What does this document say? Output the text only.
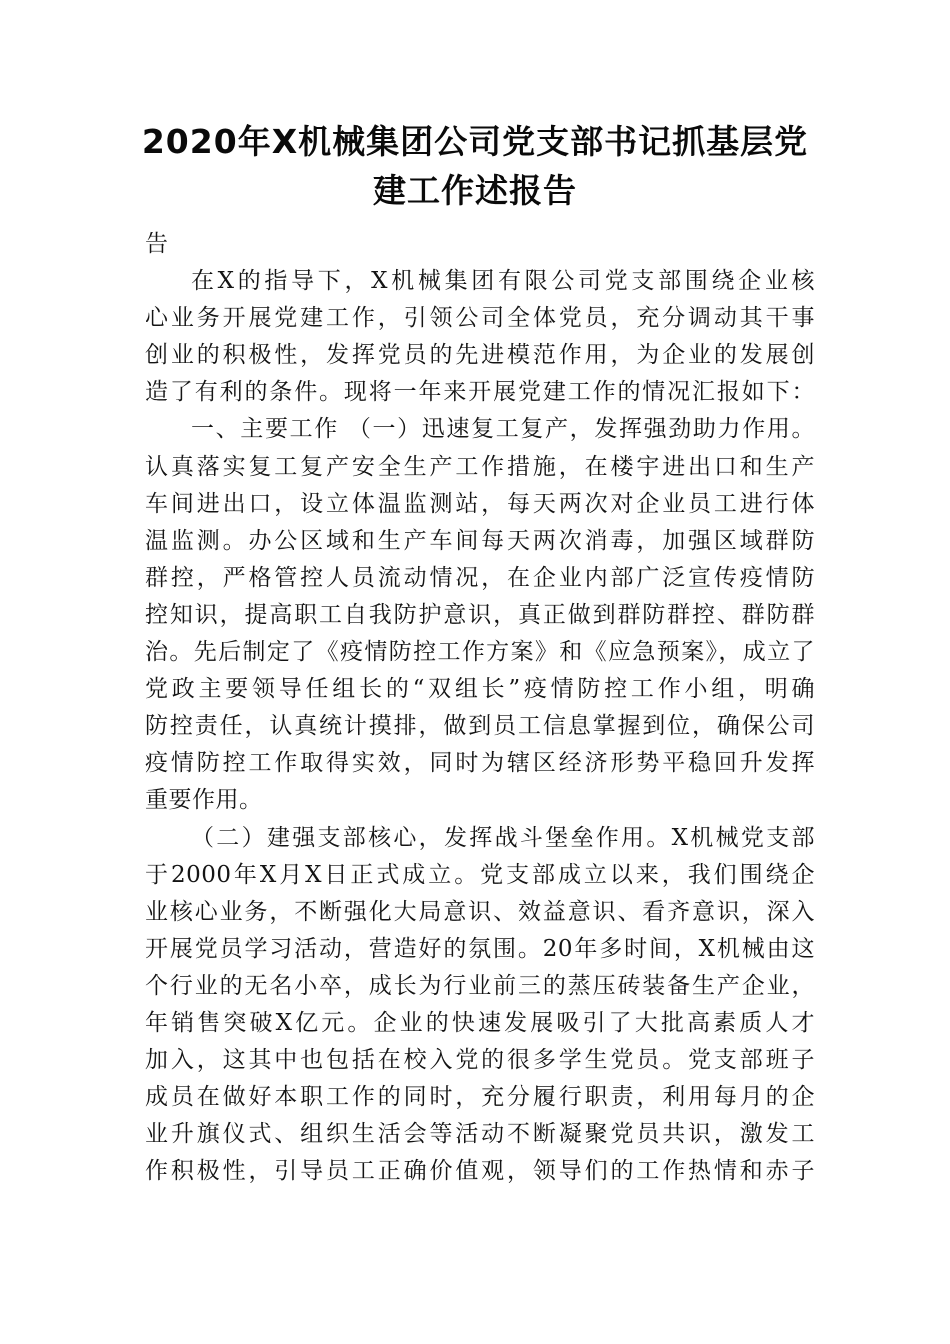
2020年X机械集团公司党支部书记抓基层党
建工作述报告
告
在X的指导下，X机械集团有限公司党支部围绕企业核
心业务开展党建工作，引领公司全体党员，充分调动其干事
创业的积极性，发挥党员的先进模范作用，为企业的发展创
造了有利的条件。现将一年来开展党建工作的情况汇报如下：
一、主要工作 （一）迅速复工复产，发挥强劲助力作用。
认真落实复工复产安全生产工作措施，在楼宇进出口和生产
车间进出口，设立体温监测站，每天两次对企业员工进行体
温监测。办公区域和生产车间每天两次消毒，加强区域群防
群控，严格管控人员流动情况，在企业内部广泛宣传疫情防
控知识，提高职工自我防护意识，真正做到群防群控、群防群
治。先后制定了《疫情防控工作方案》和《应急预案》，成立了
党政主要领导任组长的“双组长”疫情防控工作小组，明确
防控责任，认真统计摸排，做到员工信息掌握到位，确保公司
疫情防控工作取得实效，同时为辖区经济形势平稳回升发挥
重要作用。
（二）建强支部核心，发挥战斗堡垒作用。X机械党支部
于2000年X月X日正式成立。党支部成立以来，我们围绕企
业核心业务，不断强化大局意识、效益意识、看齐意识，深入
开展党员学习活动，营造好的氛围。20年多时间，X机械由这
个行业的无名小卒，成长为行业前三的蒸压砖装备生产企业，
年销售突破X亿元。企业的快速发展吸引了大批高素质人才
加入，这其中也包括在校入党的很多学生党员。党支部班子
成员在做好本职工作的同时，充分履行职责，利用每月的企
业升旗仪式、组织生活会等活动不断凝聚党员共识，激发工
作积极性，引导员工正确价值观，领导们的工作热情和赤子
